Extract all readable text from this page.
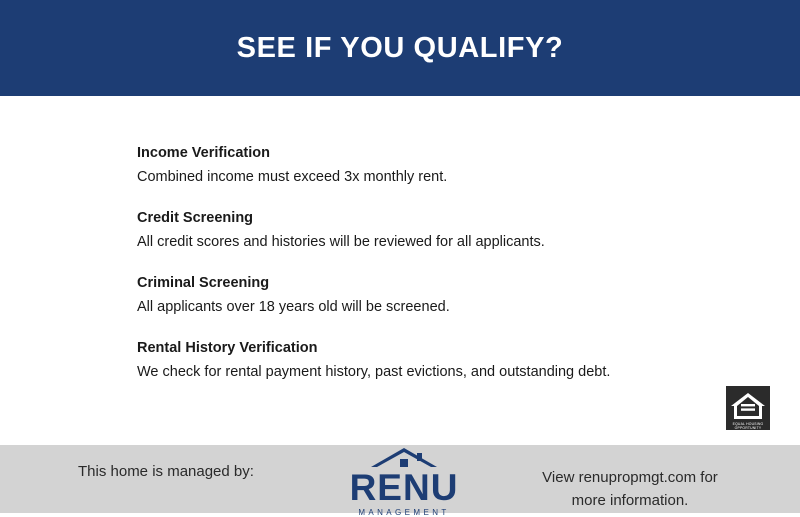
SEE IF YOU QUALIFY?
Income Verification
Combined income must exceed 3x monthly rent.
Credit Screening
All credit scores and histories will be reviewed for all applicants.
Criminal Screening
All applicants over 18 years old will be screened.
Rental History Verification
We check for rental payment history, past evictions, and outstanding debt.
EQUAL HOUSING OPPORTUNITY
This home is managed by:	RENU
MANAGEMENT
View renupropmgt.com for
more information.
